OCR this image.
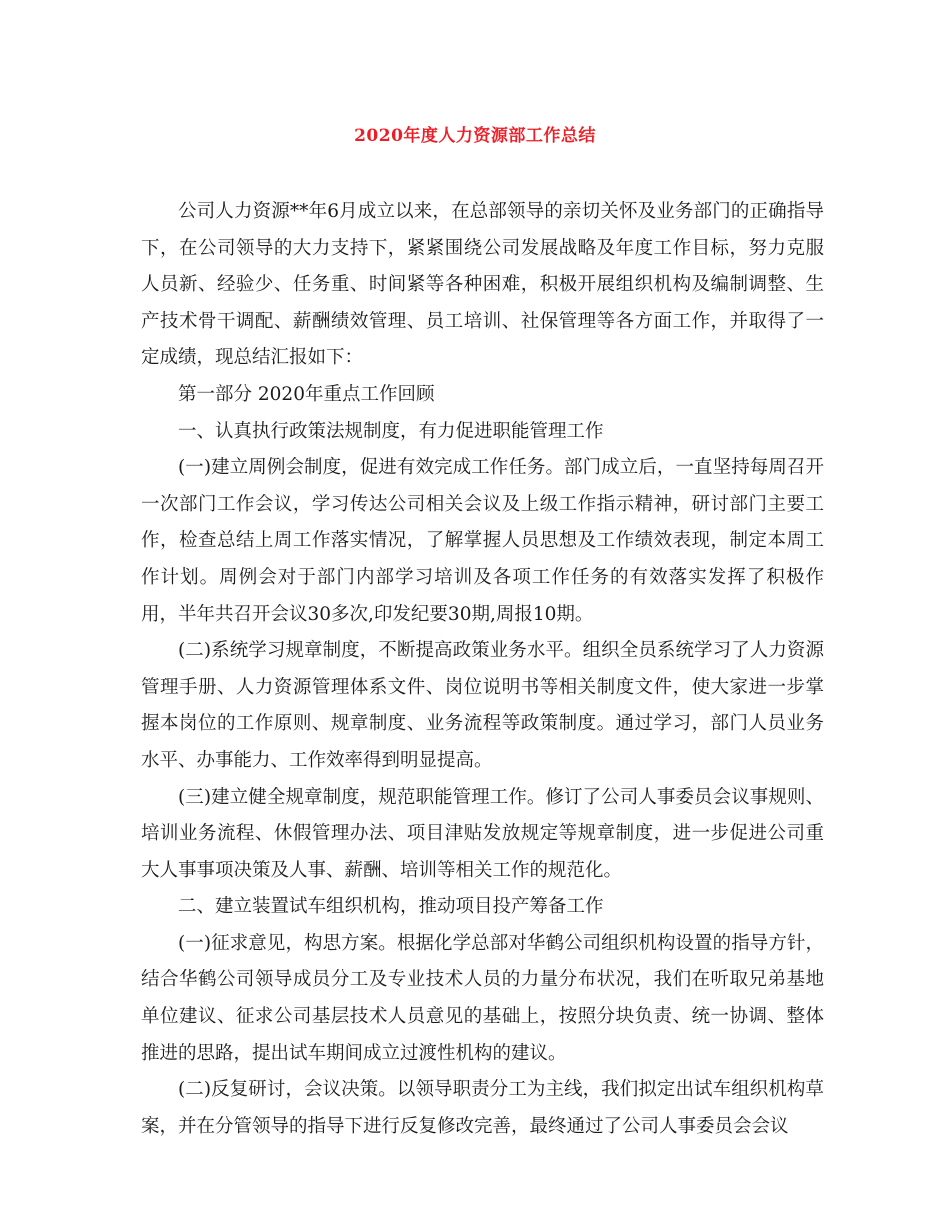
2020年度人力资源部工作总结

公司人力资源**年6月成立以来，在总部领导的亲切关怀及业务部门的正确指导下，在公司领导的大力支持下，紧紧围绕公司发展战略及年度工作目标，努力克服人员新、经验少、任务重、时间紧等各种困难，积极开展组织机构及编制调整、生产技术骨干调配、薪酬绩效管理、员工培训、社保管理等各方面工作，并取得了一定成绩，现总结汇报如下：

第一部分 2020年重点工作回顾

一、认真执行政策法规制度，有力促进职能管理工作

(一)建立周例会制度，促进有效完成工作任务。部门成立后，一直坚持每周召开一次部门工作会议，学习传达公司相关会议及上级工作指示精神，研讨部门主要工作，检查总结上周工作落实情况，了解掌握人员思想及工作绩效表现，制定本周工作计划。周例会对于部门内部学习培训及各项工作任务的有效落实发挥了积极作用，半年共召开会议30多次,印发纪要30期,周报10期。

(二)系统学习规章制度，不断提高政策业务水平。组织全员系统学习了人力资源管理手册、人力资源管理体系文件、岗位说明书等相关制度文件，使大家进一步掌握本岗位的工作原则、规章制度、业务流程等政策制度。通过学习，部门人员业务水平、办事能力、工作效率得到明显提高。

(三)建立健全规章制度，规范职能管理工作。修订了公司人事委员会议事规则、培训业务流程、休假管理办法、项目津贴发放规定等规章制度，进一步促进公司重大人事事项决策及人事、薪酬、培训等相关工作的规范化。

二、建立装置试车组织机构，推动项目投产筹备工作

(一)征求意见，构思方案。根据化学总部对华鹤公司组织机构设置的指导方针，结合华鹤公司领导成员分工及专业技术人员的力量分布状况，我们在听取兄弟基地单位建议、征求公司基层技术人员意见的基础上，按照分块负责、统一协调、整体推进的思路，提出试车期间成立过渡性机构的建议。

(二)反复研讨，会议决策。以领导职责分工为主线，我们拟定出试车组织机构草案，并在分管领导的指导下进行反复修改完善，最终通过了公司人事委员会会议
